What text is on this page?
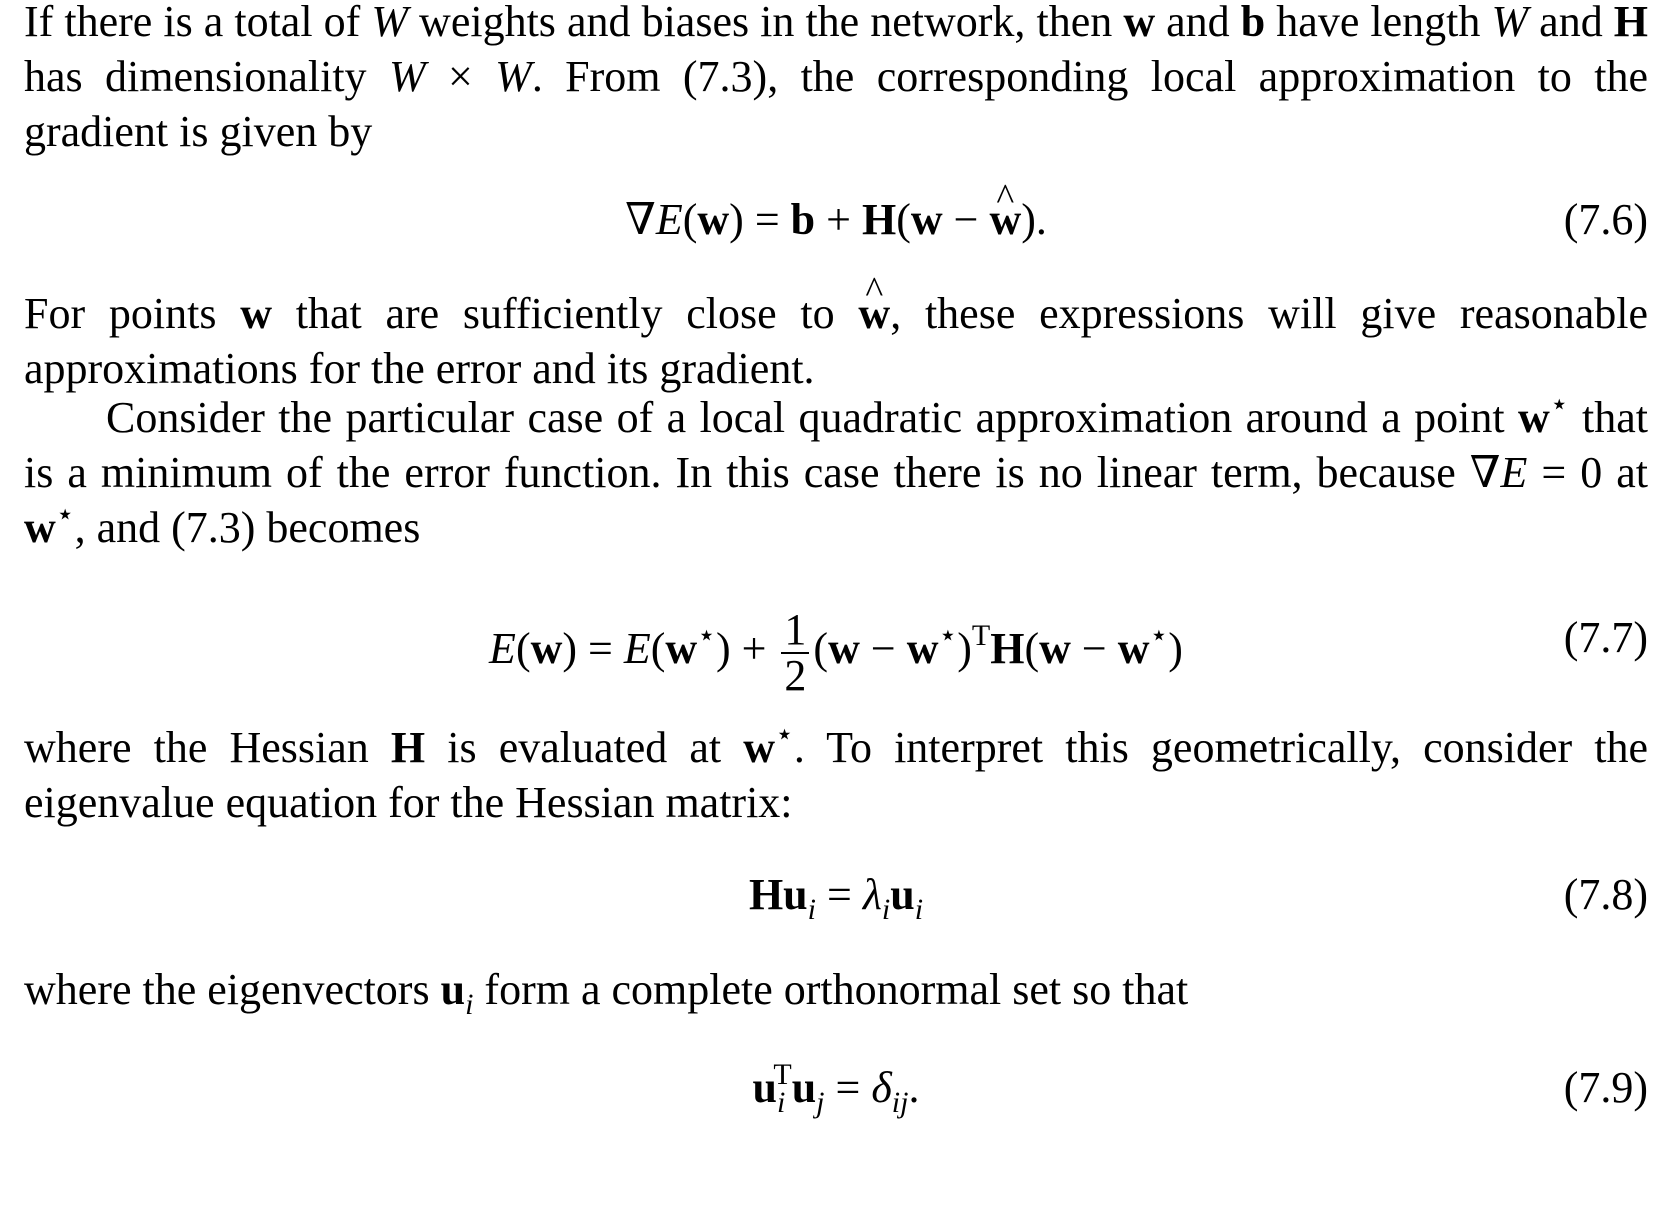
If there is a total of W weights and biases in the network, then w and b have length W and H has dimensionality W × W. From (7.3), the corresponding local approximation to the gradient is given by

∇E(w) = b + H(w − ^ w).	(7.6)

For points w that are sufficiently close to ^ w, these expressions will give reasonable approximations for the error and its gradient.

Consider the particular case of a local quadratic approximation around a point w⋆ that is a minimum of the error function. In this case there is no linear term, because ∇E = 0 at w⋆, and (7.3) becomes

$E(w) = E(w^⋆) + \frac{1}{2} (w - w^⋆)^TH(w - w^⋆)$	(7.7)

where the Hessian H is evaluated at w⋆. To interpret this geometrically, consider the eigenvalue equation for the Hessian matrix:

$Hu_i = \lambda_iu_i$	(7.8)

where the eigenvectors $u_i$ form a complete orthonormal set so that

$u_i^Tu_j = \delta_{ij}$.	(7.9)
